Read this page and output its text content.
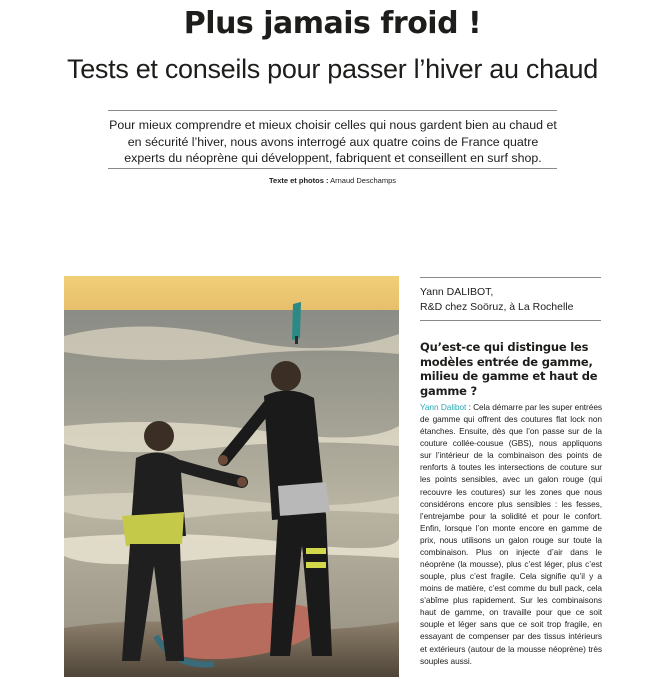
Plus jamais froid !
Tests et conseils pour passer l’hiver au chaud
Pour mieux comprendre et mieux choisir celles qui nous gardent bien au chaud et en sécurité l’hiver, nous avons interrogé aux quatre coins de France quatre experts du néoprène qui développent, fabriquent et conseillent en surf shop.
Texte et photos : Arnaud Deschamps
Yann DALIBOT,
R&D chez Soöruz, à La Rochelle
Qu’est-ce qui distingue les modèles entrée de gamme, milieu de gamme et haut de gamme ?
Yann Dalibot : Cela démarre par les super entrées de gamme qui offrent des coutures flat lock non étanches. Ensuite, dès que l’on passe sur de la couture collée-cousue (GBS), nous appliquons sur l’intérieur de la combinaison des points de renforts à toutes les intersections de couture sur les points sensibles, avec un galon rouge (qui recouvre les coutures) sur les zones que nous considérons encore plus sensibles : les fesses, l’entrejambe pour la solidité et pour le confort. Enfin, lorsque l’on monte encore en gamme de prix, nous utilisons un galon rouge sur toute la combinaison. Plus on injecte d’air dans le néoprène (la mousse), plus c’est léger, plus c’est souple, plus c’est fragile. Cela signifie qu’il y a moins de matière, c’est comme du bull pack, cela s’abîme plus rapidement. Sur les combinaisons haut de gamme, on travaille pour que ce soit souple et léger sans que ce soit trop fragile, en essayant de compenser par des tissus intérieurs et extérieurs (autour de la mousse néoprène) très souples aussi.
